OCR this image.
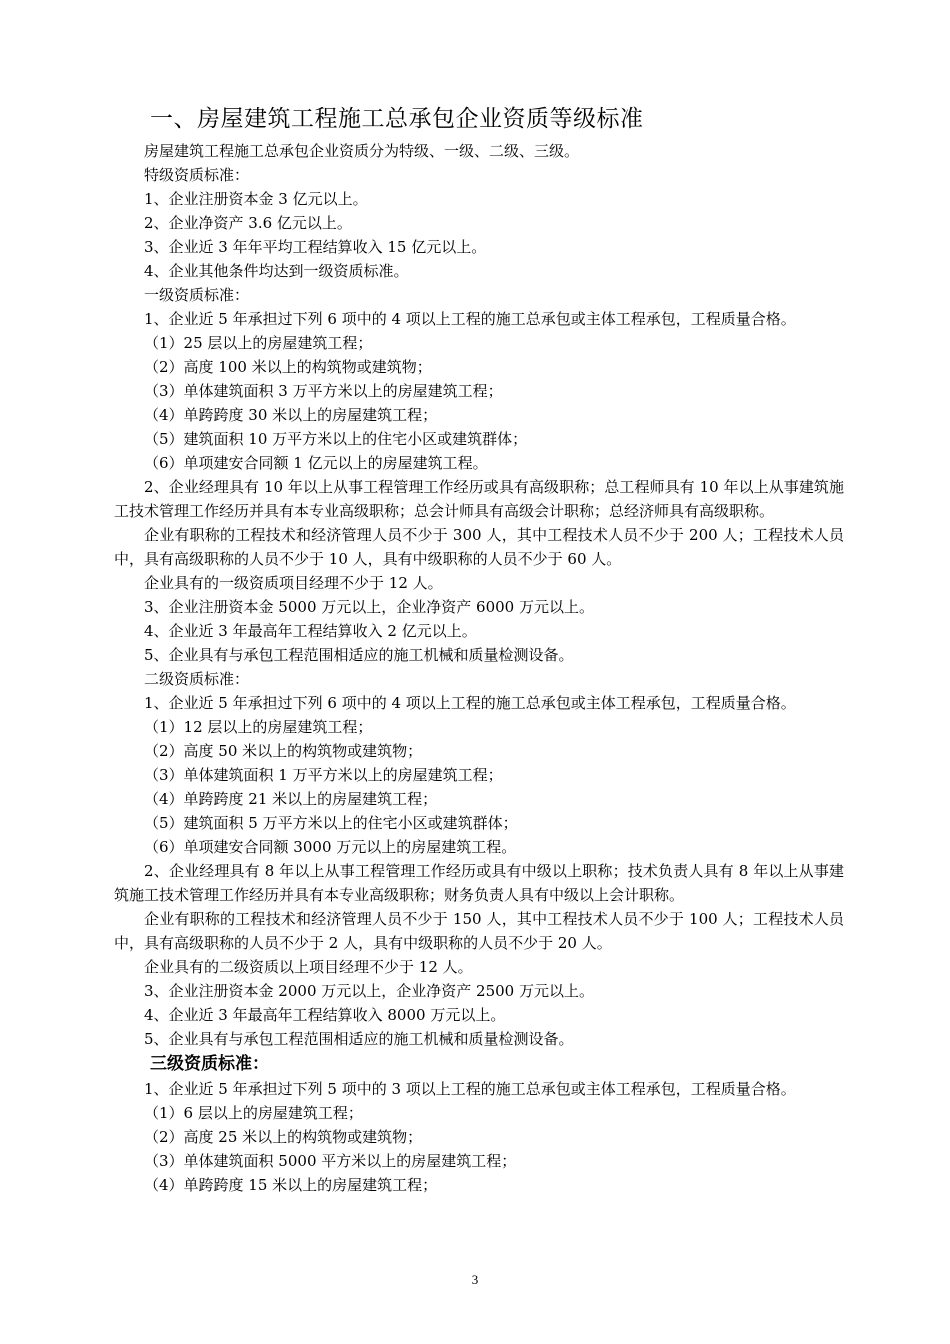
一、房屋建筑工程施工总承包企业资质等级标准
房屋建筑工程施工总承包企业资质分为特级、一级、二级、三级。
特级资质标准：
1、企业注册资本金 3 亿元以上。
2、企业净资产 3.6 亿元以上。
3、企业近 3 年年平均工程结算收入 15 亿元以上。
4、企业其他条件均达到一级资质标准。
一级资质标准：
1、企业近 5 年承担过下列 6 项中的 4 项以上工程的施工总承包或主体工程承包，工程质量合格。
（1）25 层以上的房屋建筑工程；
（2）高度 100 米以上的构筑物或建筑物；
（3）单体建筑面积 3 万平方米以上的房屋建筑工程；
（4）单跨跨度 30 米以上的房屋建筑工程；
（5）建筑面积 10 万平方米以上的住宅小区或建筑群体；
（6）单项建安合同额 1 亿元以上的房屋建筑工程。
2、企业经理具有 10 年以上从事工程管理工作经历或具有高级职称；总工程师具有 10 年以上从事建筑施工技术管理工作经历并具有本专业高级职称；总会计师具有高级会计职称；总经济师具有高级职称。
企业有职称的工程技术和经济管理人员不少于 300 人，其中工程技术人员不少于 200 人；工程技术人员中，具有高级职称的人员不少于 10 人，具有中级职称的人员不少于 60 人。
企业具有的一级资质项目经理不少于 12 人。
3、企业注册资本金 5000 万元以上，企业净资产 6000 万元以上。
4、企业近 3 年最高年工程结算收入 2 亿元以上。
5、企业具有与承包工程范围相适应的施工机械和质量检测设备。
二级资质标准：
1、企业近 5 年承担过下列 6 项中的 4 项以上工程的施工总承包或主体工程承包，工程质量合格。
（1）12 层以上的房屋建筑工程；
（2）高度 50 米以上的构筑物或建筑物；
（3）单体建筑面积 1 万平方米以上的房屋建筑工程；
（4）单跨跨度 21 米以上的房屋建筑工程；
（5）建筑面积 5 万平方米以上的住宅小区或建筑群体；
（6）单项建安合同额 3000 万元以上的房屋建筑工程。
2、企业经理具有 8 年以上从事工程管理工作经历或具有中级以上职称；技术负责人具有 8 年以上从事建筑施工技术管理工作经历并具有本专业高级职称；财务负责人具有中级以上会计职称。
企业有职称的工程技术和经济管理人员不少于 150 人，其中工程技术人员不少于 100 人；工程技术人员中，具有高级职称的人员不少于 2 人，具有中级职称的人员不少于 20 人。
企业具有的二级资质以上项目经理不少于 12 人。
3、企业注册资本金 2000 万元以上，企业净资产 2500 万元以上。
4、企业近 3 年最高年工程结算收入 8000 万元以上。
5、企业具有与承包工程范围相适应的施工机械和质量检测设备。
三级资质标准：
1、企业近 5 年承担过下列 5 项中的 3 项以上工程的施工总承包或主体工程承包，工程质量合格。
（1）6 层以上的房屋建筑工程；
（2）高度 25 米以上的构筑物或建筑物；
（3）单体建筑面积 5000 平方米以上的房屋建筑工程；
（4）单跨跨度 15 米以上的房屋建筑工程；
3
